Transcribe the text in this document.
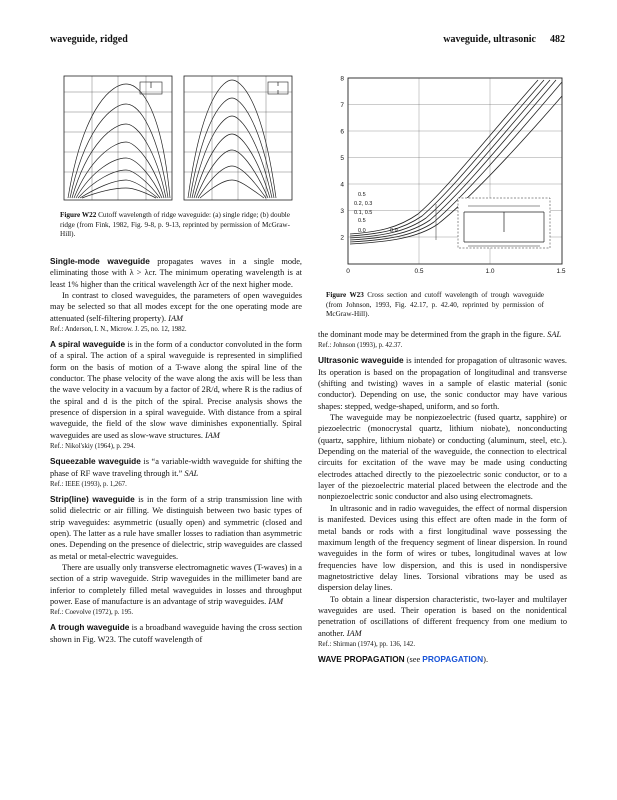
waveguide, ridged	waveguide, ultrasonic 482
Figure W22 Cutoff wavelength of ridge waveguide: (a) single ridge; (b) double ridge (from Fink, 1982, Fig. 9-8, p. 9-13, reprinted by permission of McGraw-Hill).

Single-mode waveguide propagates waves in a single mode, eliminating those with λ > λcr. The minimum operating wavelength is at least 1% higher than the critical wavelength λcr of the next higher mode.

In contrast to closed waveguides, the parameters of open waveguides may be selected so that all modes except for the one operating mode are attenuated (self-filtering property). IAM

Ref.: Anderson, I. N., Microw. J. 25, no. 12, 1982.

A spiral waveguide is in the form of a conductor convoluted in the form of a spiral. The action of a spiral waveguide is represented in simplified form on the basis of motion of a T-wave along the spiral line of the conductor. The phase velocity of the wave along the axis will be less than the wave velocity in a vacuum by a factor of 2R/d, where R is the radius of the spiral and d is the pitch of the spiral. Precise analysis shows the presence of dispersion in a spiral waveguide. With distance from a spiral waveguide, the field of the slow wave diminishes exponentially. Spiral waveguides are used as slow-wave structures. IAM

Ref.: Nikol'skiy (1964), p. 294.

Squeezable waveguide is “a variable-width waveguide for shifting the phase of RF wave traveling through it.” SAL

Ref.: IEEE (1993), p. 1,267.

Strip(line) waveguide is in the form of a strip transmission line with solid dielectric or air filling. We distinguish between two basic types of strip waveguides: asymmetric (usually open) and symmetric (closed and open). The latter as a rule have smaller losses to radiation than asymmetric ones. Depending on the presence of dielectric, strip waveguides are classed as metal or metal-electric waveguides.

There are usually only transverse electromagnetic waves (T-waves) in a section of a strip waveguide. Strip waveguides in the millimeter band are inferior to completely filled metal waveguides in losses and throughput power. Ease of manufacture is an advantage of strip waveguides. IAM

Ref.: Coevolve (1972), p. 195.

A trough waveguide is a broadband waveguide having the cross section shown in Fig. W23. The cutoff wavelength of

8
7
6
5
4
3
2
0	0.5	1.0	1.5
0.5
0.2, 0.3
0.1, 0.5
0.5
0.0	0.9
Figure W23 Cross section and cutoff wavelength of trough waveguide (from Johnson, 1993, Fig. 42.17, p. 42.40, reprinted by permission of McGraw-Hill).

the dominant mode may be determined from the graph in the figure. SAL

Ref.: Johnson (1993), p. 42.37.

Ultrasonic waveguide is intended for propagation of ultrasonic waves. Its operation is based on the propagation of longitudinal and transverse (shifting and twisting) waves in a sample of elastic material (sonic conductor). Depending on use, the sonic conductor may have various shapes: stepped, wedge-shaped, uniform, and so forth.

The waveguide may be nonpiezoelectric (fused quartz, sapphire) or piezoelectric (monocrystal quartz, lithium niobate), nonconducting (quartz, sapphire, lithium niobate) or conducting (aluminum, steel, etc.). Depending on the material of the waveguide, the connection to electrical circuits for excitation of the wave may be made using conducting electrodes attached directly to the piezoelectric sonic conductor, or to a layer of the piezoelectric material placed between the electrode and the nonpiezoelectric sonic conductor and also using electromagnets.

In ultrasonic and in radio waveguides, the effect of normal dispersion is manifested. Devices using this effect are often made in the form of metal bands or rods with a first longitudinal wave possessing the maximum length of the frequency segment of linear dispersion. In round waveguides in the form of wires or tubes, longitudinal waves at low frequencies have low dispersion, and this is used in nondispersive magnetostrictive delay lines. Torsional vibrations may be used as dispersion delay lines.

To obtain a linear dispersion characteristic, two-layer and multilayer waveguides are used. Their operation is based on the nonidentical penetration of oscillations of different frequency from one medium to another. IAM

Ref.: Shirman (1974), pp. 136, 142.

WAVE PROPAGATION (see PROPAGATION).
